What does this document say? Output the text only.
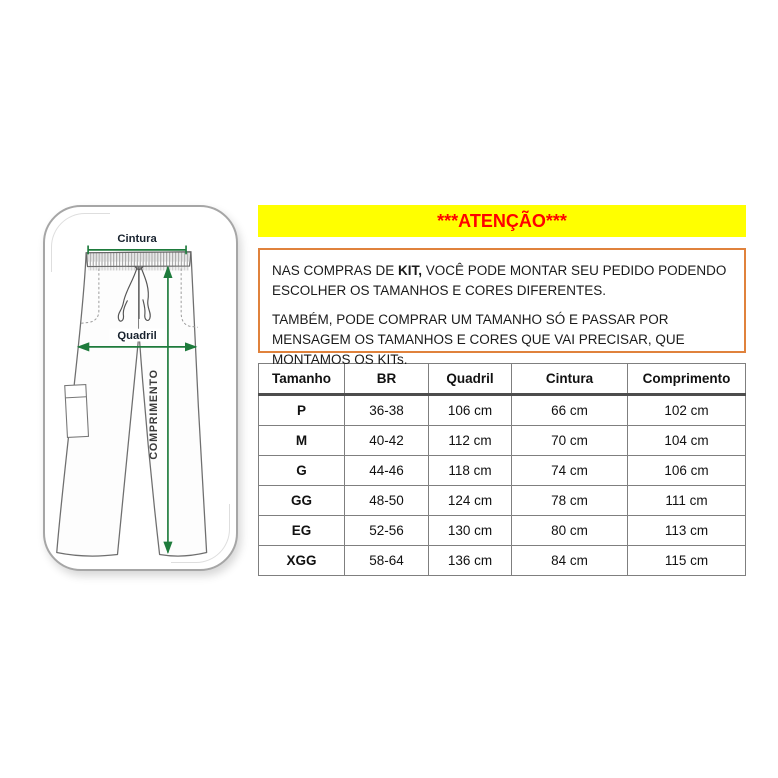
Cintura
Quadril
COMPRIMENTO
***ATENÇÃO***

NAS COMPRAS DE KIT, VOCÊ PODE MONTAR SEU PEDIDO PODENDO ESCOLHER OS TAMANHOS E CORES DIFERENTES.

TAMBÉM, PODE COMPRAR UM TAMANHO SÓ E PASSAR POR MENSAGEM OS TAMANHOS E CORES QUE VAI PRECISAR, QUE MONTAMOS OS KITs.

Tamanho	BR	Quadril	Cintura	Comprimento
P	36-38	106 cm	66 cm	102 cm
M	40-42	112 cm	70 cm	104 cm
G	44-46	118 cm	74 cm	106 cm
GG	48-50	124 cm	78 cm	111 cm
EG	52-56	130 cm	80 cm	113 cm
XGG	58-64	136 cm	84 cm	115 cm
